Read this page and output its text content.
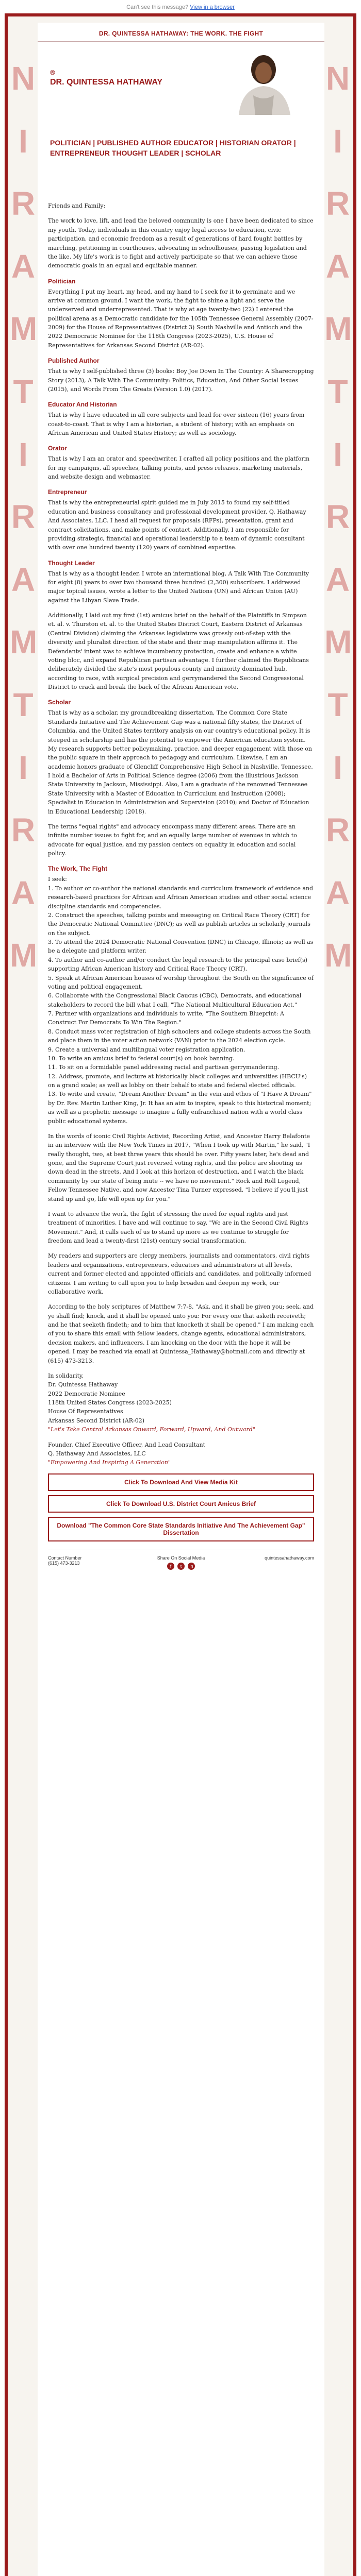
Can't see this message? View in a browser
N
I
R
A
M
T
I
R
A
M
T
I
R
A
M
N
I
R
A
M
T
I
R
A
M
T
I
R
A
M
DR. QUINTESSA HATHAWAY: THE WORK. THE FIGHT
®
DR. QUINTESSA HATHAWAY
POLITICIAN | PUBLISHED AUTHOR EDUCATOR | HISTORIAN ORATOR | ENTREPRENEUR THOUGHT LEADER | SCHOLAR

Friends and Family:

The work to love, lift, and lead the beloved community is one I have been dedicated to since my youth. Today, individuals in this country enjoy legal access to education, civic participation, and economic freedom as a result of generations of hard fought battles by marching, petitioning in courthouses, advocating in schoolhouses, passing legislation and the like. My life's work is to fight and actively participate so that we can achieve those democratic goals in an equal and equitable manner.

Politician

Everything I put my heart, my head, and my hand to I seek for it to germinate and we arrive at common ground. I want the work, the fight to shine a light and serve the underserved and underrepresented. That is why at age twenty-two (22) I entered the political arena as a Democratic candidate for the 105th Tennessee General Assembly (2007-2009) for the House of Representatives (District 3) South Nashville and Antioch and the 2022 Democratic Nominee for the 118th Congress (2023-2025), U.S. House of Representatives for Arkansas Second District (AR-02).

Published Author

That is why I self-published three (3) books: Boy Joe Down In The Country: A Sharecropping Story (2013), A Talk With The Community: Politics, Education, And Other Social Issues (2015), and Words From The Greats (Version 1.0) (2017).

Educator And Historian

That is why I have educated in all core subjects and lead for over sixteen (16) years from coast-to-coast. That is why I am a historian, a student of history; with an emphasis on African American and United States History; as well as sociology.

Orator

That is why I am an orator and speechwriter. I crafted all policy positions and the platform for my campaigns, all speeches, talking points, and press releases, marketing materials, and website design and webmaster.

Entrepreneur

That is why the entrepreneurial spirit guided me in July 2015 to found my self-titled education and business consultancy and professional development provider, Q. Hathaway And Associates, LLC. I head all request for proposals (RFPs), presentation, grant and contract solicitations, and make points of contact. Additionally, I am responsible for providing strategic, financial and operational leadership to a team of dynamic consultant with over one hundred twenty (120) years of combined expertise.

Thought Leader

That is why as a thought leader, I wrote an international blog, A Talk With The Community for eight (8) years to over two thousand three hundred (2,300) subscribers. I addressed major topical issues, wrote a letter to the United Nations (UN) and African Union (AU) against the Libyan Slave Trade.

Additionally, I laid out my first (1st) amicus brief on the behalf of the Plaintiffs in Simpson et. al. v. Thurston et. al. to the United States District Court, Eastern District of Arkansas (Central Division) claiming the Arkansas legislature was grossly out-of-step with the diversity and pluralist direction of the state and their map manipulation affirms it. The Defendants' intent was to achieve incumbency protection, create and enhance a white voting bloc, and expand Republican partisan advantage. I further claimed the Republicans deliberately divided the state's most populous county and minority dominated hub, according to race, with surgical precision and gerrymandered the Second Congressional District to crack and break the back of the African American vote.

Scholar

That is why as a scholar, my groundbreaking dissertation, The Common Core State Standards Initiative and The Achievement Gap was a national fifty states, the District of Columbia, and the United States territory analysis on our country's educational policy. It is steeped in scholarship and has the potential to empower the American education system. My research supports better policymaking, practice, and deeper engagement with those on the public square in their approach to pedagogy and curriculum. Likewise, I am an academic honors graduate of Glencliff Comprehensive High School in Nashville, Tennessee. I hold a Bachelor of Arts in Political Science degree (2006) from the illustrious Jackson State University in Jackson, Mississippi. Also, I am a graduate of the renowned Tennessee State University with a Master of Education in Curriculum and Instruction (2008); Specialist in Education in Administration and Supervision (2010); and Doctor of Education in Educational Leadership (2018).

The terms "equal rights" and advocacy encompass many different areas. There are an infinite number issues to fight for, and an equally large number of avenues in which to advocate for equal justice, and my passion centers on equality in education and social policy.

The Work, The Fight

I seek:

1. To author or co-author the national standards and curriculum framework of evidence and research-based practices for African and African American studies and other social science discipline standards and competencies.

2. Construct the speeches, talking points and messaging on Critical Race Theory (CRT) for the Democratic National Committee (DNC); as well as publish articles in scholarly journals on the subject.

3. To attend the 2024 Democratic National Convention (DNC) in Chicago, Illinois; as well as be a delegate and platform writer.

4. To author and co-author and/or conduct the legal research to the principal case brief(s) supporting African American history and Critical Race Theory (CRT).

5. Speak at African American houses of worship throughout the South on the significance of voting and political engagement.

6. Collaborate with the Congressional Black Caucus (CBC), Democrats, and educational stakeholders to record the bill what I call, "The National Multicultural Education Act."

7. Partner with organizations and individuals to write, "The Southern Blueprint: A Construct For Democrats To Win The Region."

8. Conduct mass voter registration of high schoolers and college students across the South and place them in the voter action network (VAN) prior to the 2024 election cycle.

9. Create a universal and multilingual voter registration application.

10. To write an amicus brief to federal court(s) on book banning.

11. To sit on a formidable panel addressing racial and partisan gerrymandering.

12. Address, promote, and lecture at historically black colleges and universities (HBCU's) on a grand scale; as well as lobby on their behalf to state and federal elected officials.

13. To write and create, "Dream Another Dream" in the vein and ethos of "I Have A Dream" by Dr. Rev. Martin Luther King, Jr. It has an aim to inspire, speak to this historical moment; as well as a prophetic message to imagine a fully enfranchised nation with a world class public educational systems.

In the words of iconic Civil Rights Activist, Recording Artist, and Ancestor Harry Belafonte in an interview with the New York Times in 2017, "When I took up with Martin," he said, "I really thought, two, at best three years this should be over. Fifty years later, he's dead and gone, and the Supreme Court just reversed voting rights, and the police are shooting us down dead in the streets. And I look at this horizon of destruction, and I watch the black community by our state of being mute -- we have no movement." Rock and Roll Legend, Fellow Tennessee Native, and now Ancestor Tina Turner expressed, "I believe if you'll just stand up and go, life will open up for you."

I want to advance the work, the fight of stressing the need for equal rights and just treatment of minorities. I have and will continue to say, "We are in the Second Civil Rights Movement." And, it calls each of us to stand up more as we continue to struggle for freedom and lead a twenty-first (21st) century social transformation.

My readers and supporters are clergy members, journalists and commentators, civil rights leaders and organizations, entrepreneurs, educators and administrators at all levels, current and former elected and appointed officials and candidates, and politically informed citizens. I am writing to call upon you to help broaden and deepen my work, our collaborative work.

According to the holy scriptures of Matthew 7:7-8, "Ask, and it shall be given you; seek, and ye shall find; knock, and it shall be opened unto you: For every one that asketh receiveth; and he that seeketh findeth; and to him that knocketh it shall be opened." I am making each of you to share this email with fellow leaders, change agents, educational administrators, decision makers, and influencers. I am knocking on the door with the hope it will be opened. I may be reached via email at Quintessa_Hathaway@hotmail.com and directly at (615) 473-3213.

In solidarity,

Dr. Quintessa Hathaway

2022 Democratic Nominee

118th United States Congress (2023-2025)

House Of Representatives

Arkansas Second District (AR-02)

"Let's Take Central Arkansas Onward, Forward, Upward, And Outward"

Founder, Chief Executive Officer, And Lead Consultant

Q. Hathaway And Associates, LLC

"Empowering And Inspiring A Generation"

Click To Download And View Media Kit
Click To Download U.S. District Court Amicus Brief
Download "The Common Core State Standards Initiative And The Achievement Gap" Dissertation
Contact Number
(615) 473-3213
Share On Social Media
f	t	in
quintessahathaway.com
